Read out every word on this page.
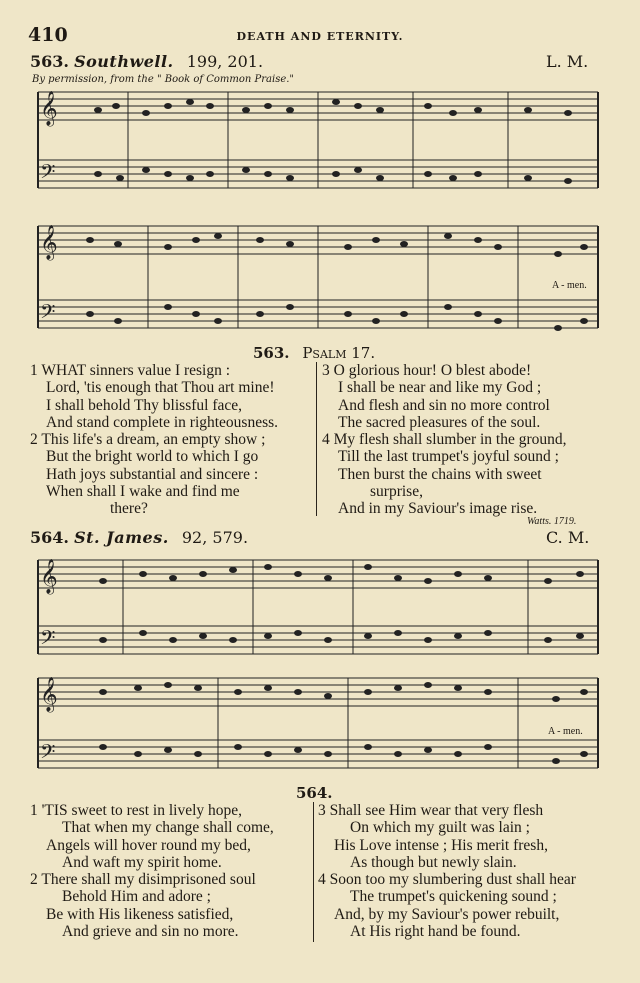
410	DEATH AND ETERNITY.
563. Southwell. 199, 201.	L. M.
By permission, from the " Book of Common Praise."
𝄞
𝄢
𝄞
𝄢
A - men.
563. Psalm 17.
1 WHAT sinners value I resign :
Lord, 'tis enough that Thou art mine!
I shall behold Thy blissful face,
And stand complete in righteousness.
2 This life's a dream, an empty show ;
But the bright world to which I go
Hath joys substantial and sincere :
When shall I wake and find me
there?
3 O glorious hour! O blest abode!
I shall be near and like my God ;
And flesh and sin no more control
The sacred pleasures of the soul.
4 My flesh shall slumber in the ground,
Till the last trumpet's joyful sound ;
Then burst the chains with sweet
surprise,
And in my Saviour's image rise.
Watts. 1719.
564. St. James. 92, 579.	C. M.
𝄞
𝄢
𝄞
𝄢
A - men.
564.
1 'TIS sweet to rest in lively hope,
That when my change shall come,
Angels will hover round my bed,
And waft my spirit home.
2 There shall my disimprisoned soul
Behold Him and adore ;
Be with His likeness satisfied,
And grieve and sin no more.
3 Shall see Him wear that very flesh
On which my guilt was lain ;
His Love intense ; His merit fresh,
As though but newly slain.
4 Soon too my slumbering dust shall hear
The trumpet's quickening sound ;
And, by my Saviour's power rebuilt,
At His right hand be found.
